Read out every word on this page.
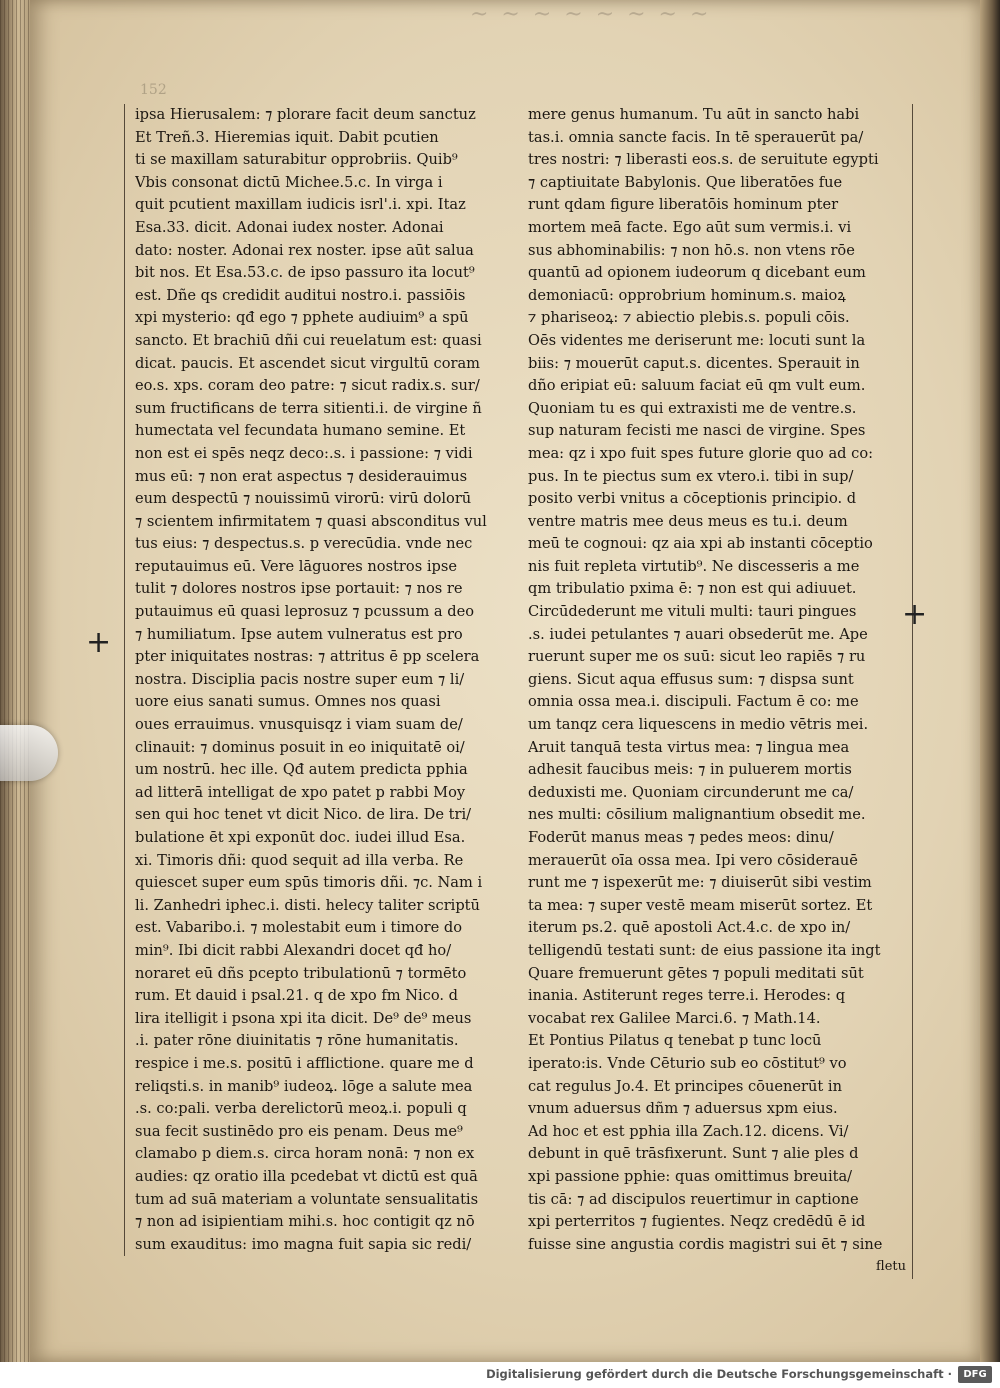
~ ~ ~ ~ ~ ~ ~ ~
152
ipsa Hierusalem: ⁊ plorare facit deum sanctuz
Et Treñ.3. Hieremias iquit. Dabit pcutien
ti se maxillam saturabitur opprobriis. Quib⁹
Vbis consonat dictū Michee.5.c. In virga i
quit pcutient maxillam iudicis isrl'.i. xpi. Itaz
Esa.33. dicit. Adonai iudex noster. Adonai
dato: noster. Adonai rex noster. ipse aūt salua
bit nos. Et Esa.53.c. de ipso passuro ita locut⁹
est. Dñe qs credidit auditui nostro.i. passiōis
xpi mysterio: qđ ego ⁊ pphete audiuim⁹ a spū
sancto. Et brachiū dñi cui reuelatum est: quasi
dicat. paucis. Et ascendet sicut virgultū coram
eo.s. xps. coram deo patre: ⁊ sicut radix.s. sur/
sum fructificans de terra sitienti.i. de virgine ñ
humectata vel fecundata humano semine. Et
non est ei spēs neqz deco:.s. i passione: ⁊ vidi
mus eū: ⁊ non erat aspectus ⁊ desiderauimus
eum despectū ⁊ nouissimū virorū: virū dolorū
⁊ scientem infirmitatem ⁊ quasi absconditus vul
tus eius: ⁊ despectus.s. p verecūdia. vnde nec
reputauimus eū. Vere lāguores nostros ipse
tulit ⁊ dolores nostros ipse portauit: ⁊ nos re
putauimus eū quasi leprosuz ⁊ pcussum a deo
⁊ humiliatum. Ipse autem vulneratus est pro
pter iniquitates nostras: ⁊ attritus ē pp scelera
nostra. Disciplia pacis nostre super eum ⁊ li/
uore eius sanati sumus. Omnes nos quasi
oues errauimus. vnusquisqz i viam suam de/
clinauit: ⁊ dominus posuit in eo iniquitatē oi/
um nostrū. hec ille. Qđ autem predicta pphia
ad litterā intelligat de xpo patet p rabbi Moy
sen qui hoc tenet vt dicit Nico. de lira. De tri/
bulatione ēt xpi exponūt doc. iudei illud Esa.
xi. Timoris dñi: quod sequit ad illa verba. Re
quiescet super eum spūs timoris dñi. ⁊c. Nam i
li. Zanhedri iphec.i. disti. helecy taliter scriptū
est. Vabaribo.i. ⁊ molestabit eum i timore do
min⁹. Ibi dicit rabbi Alexandri docet qđ ho/
noraret eū dñs pcepto tribulationū ⁊ tormēto
rum. Et dauid i psal.21. q de xpo fm Nico. d
lira itelligit i psona xpi ita dicit. De⁹ de⁹ meus
.i. pater rōne diuinitatis ⁊ rōne humanitatis.
respice i me.s. positū i afflictione. quare me d
reliqsti.s. in manib⁹ iudeoꝝ. lōge a salute mea
.s. co:pali. verba derelictorū meoꝝ.i. populi q
sua fecit sustinēdo pro eis penam. Deus me⁹
clamabo p diem.s. circa horam nonā: ⁊ non ex
audies: qz oratio illa pcedebat vt dictū est quā
tum ad suā materiam a voluntate sensualitatis
⁊ non ad isipientiam mihi.s. hoc contigit qz nō
sum exauditus: imo magna fuit sapia sic redi/
mere genus humanum. Tu aūt in sancto habi
tas.i. omnia sancte facis. In tē sperauerūt pa/
tres nostri: ⁊ liberasti eos.s. de seruitute egypti
⁊ captiuitate Babylonis. Que liberatōes fue
runt qdam figure liberatōis hominum pter
mortem meā facte. Ego aūt sum vermis.i. vi
sus abhominabilis: ⁊ non hō.s. non vtens rōe
quantū ad opionem iudeorum q dicebant eum
demoniacū: opprobrium hominum.s. maioꝝ
⁊ phariseoꝝ: ⁊ abiectio plebis.s. populi cōis.
Oēs videntes me deriserunt me: locuti sunt la
biis: ⁊ mouerūt caput.s. dicentes. Sperauit in
dño eripiat eū: saluum faciat eū qm vult eum.
Quoniam tu es qui extraxisti me de ventre.s.
sup naturam fecisti me nasci de virgine. Spes
mea: qz i xpo fuit spes future glorie quo ad co:
pus. In te piectus sum ex vtero.i. tibi in sup/
posito verbi vnitus a cōceptionis principio. d
ventre matris mee deus meus es tu.i. deum
meū te cognoui: qz aia xpi ab instanti cōceptio
nis fuit repleta virtutib⁹. Ne discesseris a me
qm tribulatio pxima ē: ⁊ non est qui adiuuet.
Circūdederunt me vituli multi: tauri pingues
.s. iudei petulantes ⁊ auari obsederūt me. Ape
ruerunt super me os suū: sicut leo rapiēs ⁊ ru
giens. Sicut aqua effusus sum: ⁊ dispsa sunt
omnia ossa mea.i. discipuli. Factum ē co: me
um tanqz cera liquescens in medio vētris mei.
Aruit tanquā testa virtus mea: ⁊ lingua mea
adhesit faucibus meis: ⁊ in puluerem mortis
deduxisti me. Quoniam circunderunt me ca/
nes multi: cōsilium malignantium obsedit me.
Foderūt manus meas ⁊ pedes meos: dinu/
merauerūt oīa ossa mea. Ipi vero cōsiderauē
runt me ⁊ ispexerūt me: ⁊ diuiserūt sibi vestim
ta mea: ⁊ super vestē meam miserūt sortez. Et
iterum ps.2. quē apostoli Act.4.c. de xpo in/
telligendū testati sunt: de eius passione ita ingt
Quare fremuerunt gētes ⁊ populi meditati sūt
inania. Astiterunt reges terre.i. Herodes: q
vocabat rex Galilee Marci.6. ⁊ Math.14.
Et Pontius Pilatus q tenebat p tunc locū
iperato:is. Vnde Cēturio sub eo cōstitut⁹ vo
cat regulus Jo.4. Et principes cōuenerūt in
vnum aduersus dñm ⁊ aduersus xpm eius.
Ad hoc et est pphia illa Zach.12. dicens. Vi/
debunt in quē trāsfixerunt. Sunt ⁊ alie ples d
xpi passione pphie: quas omittimus breuita/
tis cā: ⁊ ad discipulos reuertimur in captione
xpi perterritos ⁊ fugientes. Neqz credēdū ē id
fuisse sine angustia cordis magistri sui ēt ⁊ sine
fletu
+
+
Digitalisierung gefördert durch die Deutsche Forschungsgemeinschaft ·	DFG
